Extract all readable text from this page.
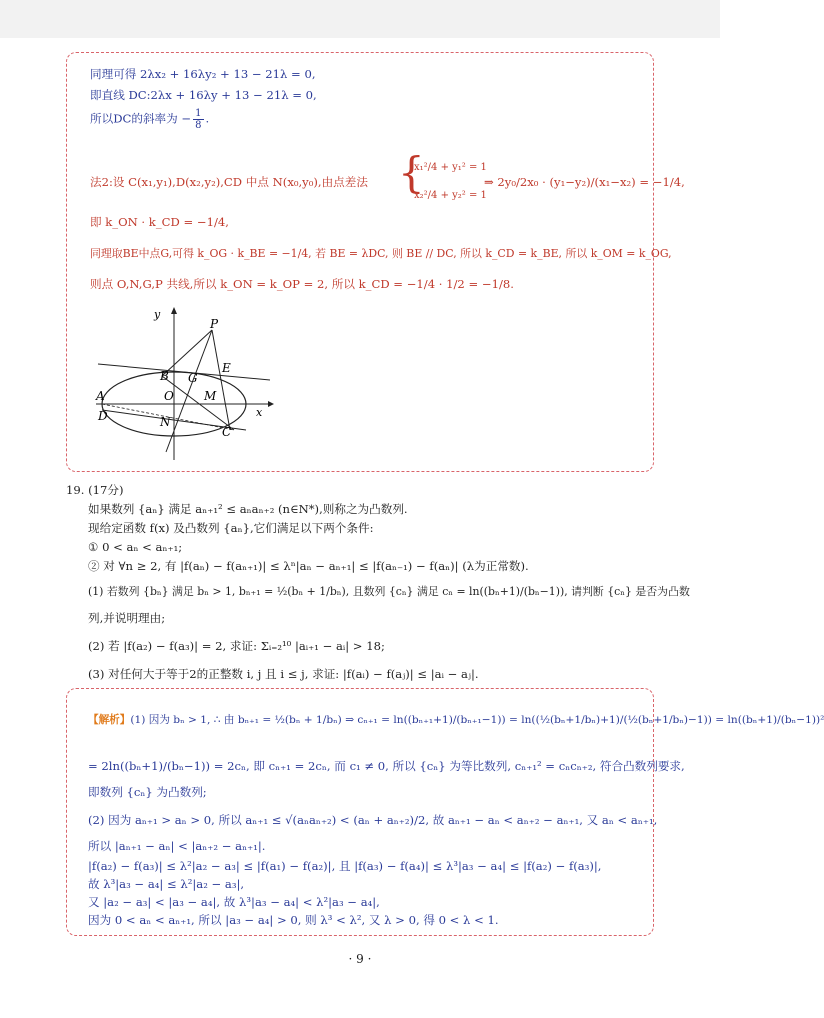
同理可得 2λx₂ + 16λy₂ + 13 − 21λ = 0,
即直线 DC:2λx + 16λy + 13 − 21λ = 0,
所以DC的斜率为 − $\frac{1}{8}$ .
法2:设 C(x₁,y₁),D(x₂,y₂),CD 中点 N(x₀,y₀),由点差法 {
x₁²/4 + y₁² = 1
x₂²/4 + y₂² = 1
⇒ 2y₀/2x₀ · (y₁−y₂)/(x₁−x₂) = −1/4,
即 k_ON · k_CD = −1/4,
同理取BE中点G,可得 k_OG · k_BE = −1/4, 若 BE = λDC, 则 BE // DC, 所以 k_CD = k_BE, 所以 k_OM = k_OG,
则点 O,N,G,P 共线,所以 k_ON = k_OP = 2, 所以 k_CD = −1/4 · 1/2 = −1/8.
y
x
P
B G
E
A	O	M
D	N
C
19. (17分)
如果数列 {aₙ} 满足 aₙ₊₁² ≤ aₙaₙ₊₂ (n∈N*),则称之为凸数列.
现给定函数 f(x) 及凸数列 {aₙ},它们满足以下两个条件:
① 0 < aₙ < aₙ₊₁;
② 对 ∀n ≥ 2, 有 |f(aₙ) − f(aₙ₊₁)| ≤ λⁿ|aₙ − aₙ₊₁| ≤ |f(aₙ₋₁) − f(aₙ)| (λ为正常数).
(1) 若数列 {bₙ} 满足 bₙ > 1, bₙ₊₁ = ½(bₙ + 1/bₙ), 且数列 {cₙ} 满足 cₙ = ln((bₙ+1)/(bₙ−1)), 请判断 {cₙ} 是否为凸数
列,并说明理由;
(2) 若 |f(a₂) − f(a₃)| = 2, 求证: Σᵢ₌₂¹⁰ |aᵢ₊₁ − aᵢ| > 18;
(3) 对任何大于等于2的正整数 i, j 且 i ≤ j, 求证: |f(aᵢ) − f(aⱼ)| ≤ |aᵢ − aⱼ|.
【解析】(1) 因为 bₙ > 1, ∴ 由 bₙ₊₁ = ½(bₙ + 1/bₙ) ⇒ cₙ₊₁ = ln((bₙ₊₁+1)/(bₙ₊₁−1)) = ln((½(bₙ+1/bₙ)+1)/(½(bₙ+1/bₙ)−1)) = ln((bₙ+1)/(bₙ−1))²
= 2ln((bₙ+1)/(bₙ−1)) = 2cₙ, 即 cₙ₊₁ = 2cₙ, 而 c₁ ≠ 0, 所以 {cₙ} 为等比数列, cₙ₊₁² = cₙcₙ₊₂, 符合凸数列要求,
即数列 {cₙ} 为凸数列;
(2) 因为 aₙ₊₁ > aₙ > 0, 所以 aₙ₊₁ ≤ √(aₙaₙ₊₂) < (aₙ + aₙ₊₂)/2, 故 aₙ₊₁ − aₙ < aₙ₊₂ − aₙ₊₁, 又 aₙ < aₙ₊₁,
所以 |aₙ₊₁ − aₙ| < |aₙ₊₂ − aₙ₊₁|.
|f(a₂) − f(a₃)| ≤ λ²|a₂ − a₃| ≤ |f(a₁) − f(a₂)|, 且 |f(a₃) − f(a₄)| ≤ λ³|a₃ − a₄| ≤ |f(a₂) − f(a₃)|,
故 λ³|a₃ − a₄| ≤ λ²|a₂ − a₃|,
又 |a₂ − a₃| < |a₃ − a₄|, 故 λ³|a₃ − a₄| < λ²|a₃ − a₄|,
因为 0 < aₙ < aₙ₊₁, 所以 |a₃ − a₄| > 0, 则 λ³ < λ², 又 λ > 0, 得 0 < λ < 1.
· 9 ·
